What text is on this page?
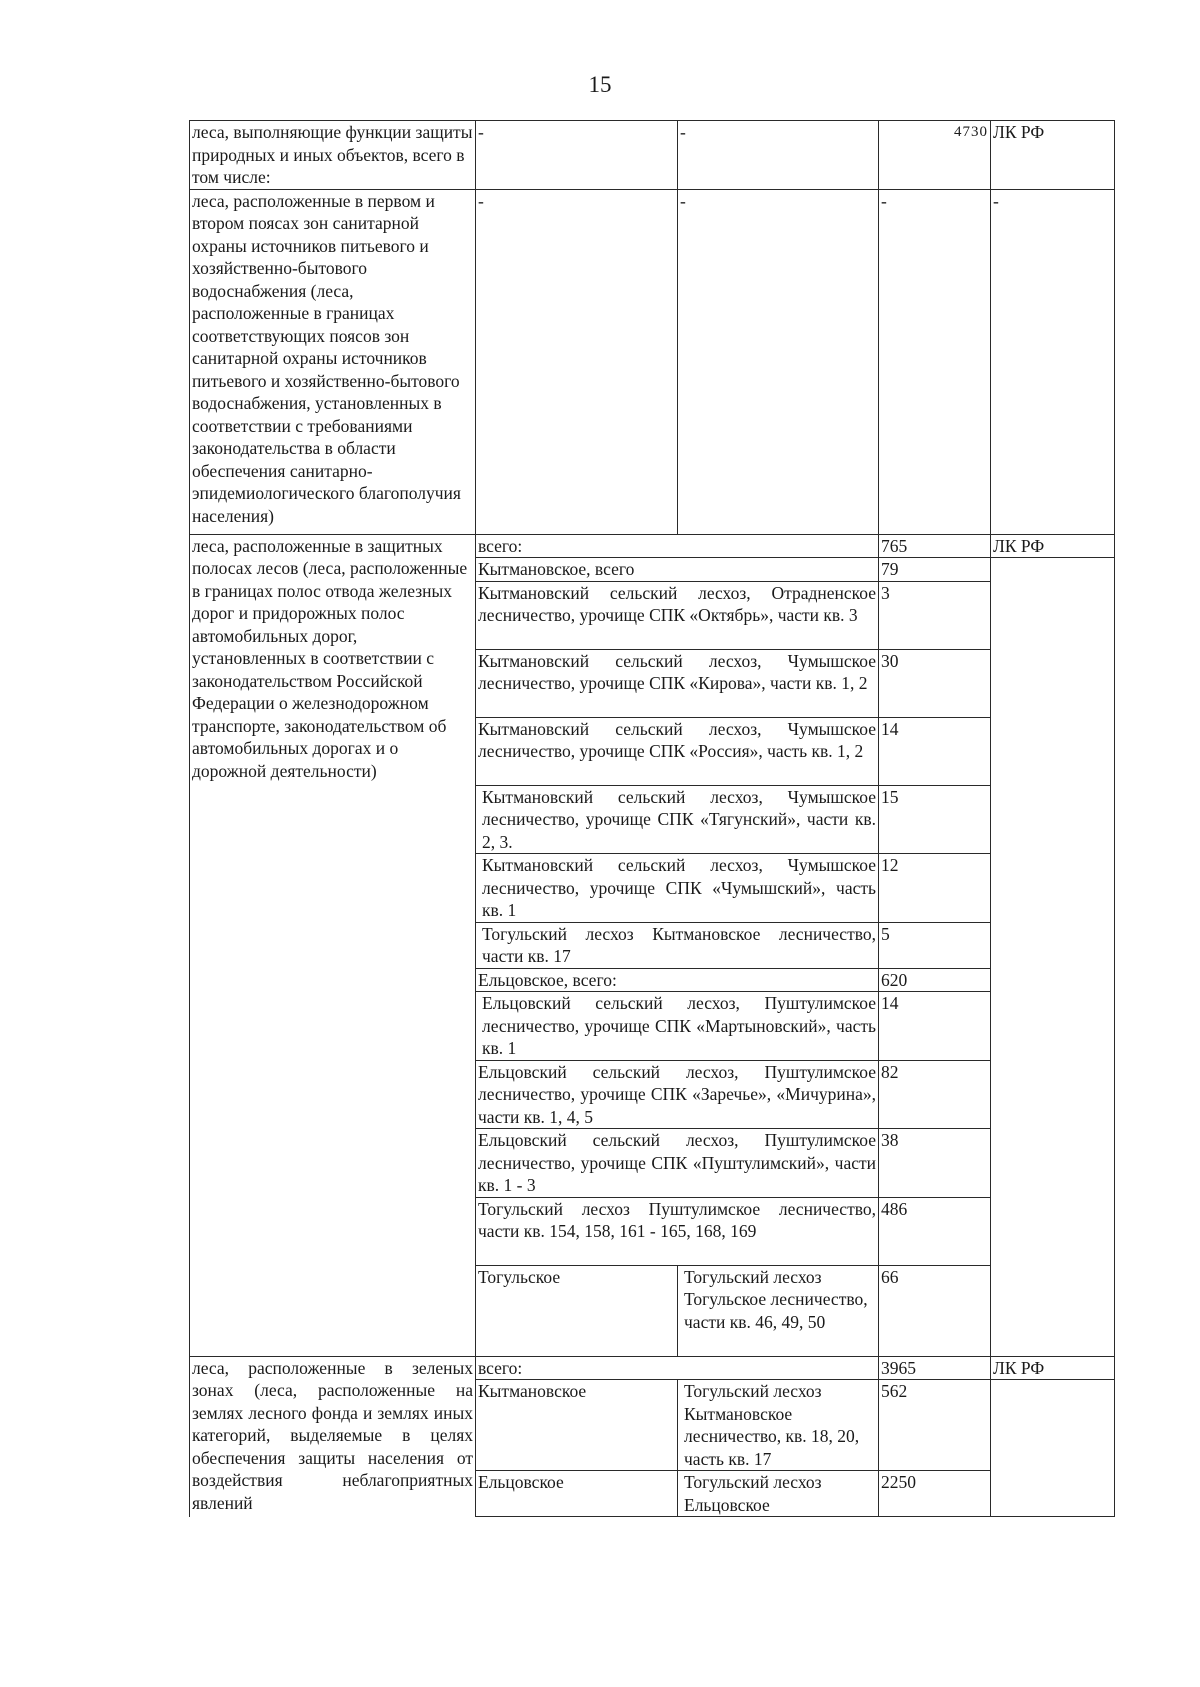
15
леса, выполняющие функции защиты природных и иных объектов, всего в том числе:	-	-	4730	ЛК РФ
леса, расположенные в первом и втором поясах зон санитарной охраны источников питьевого и хозяйственно-бытового водоснабжения (леса, расположенные в границах соответствующих поясов зон санитарной охраны источников питьевого и хозяйственно-бытового водоснабжения, установленных в соответствии с требованиями законодательства в области обеспечения санитарно-эпидемиологического благополучия населения)	-	-	-	-
леса, расположенные в защитных полосах лесов (леса, расположенные в границах полос отвода железных дорог и придорожных полос автомобильных дорог, установленных в соответствии с законодательством Российской Федерации о железнодорожном транспорте, законодательством об автомобильных дорогах и о дорожной деятельности)	всего:		765	ЛК РФ
	Кытмановское, всего		79	
	Кытмановский сельский лесхоз, Отрадненское лесничество, урочище СПК «Октябрь», части кв. 3		3	
	Кытмановский сельский лесхоз, Чумышское лесничество, урочище СПК «Кирова», части кв. 1, 2		30	
	Кытмановский сельский лесхоз, Чумышское лесничество, урочище СПК «Россия», часть кв. 1, 2		14	
	Кытмановский сельский лесхоз, Чумышское лесничество, урочище СПК «Тягунский», части кв. 2, 3.		15	
	Кытмановский сельский лесхоз, Чумышское лесничество, урочище СПК «Чумышский», часть кв. 1		12	
	Тогульский лесхоз Кытмановское лесничество, части кв. 17		5	
	Ельцовское, всего:		620	
	Ельцовский сельский лесхоз, Пуштулимское лесничество, урочище СПК «Мартыновский», часть кв. 1		14	
	Ельцовский сельский лесхоз, Пуштулимское лесничество, урочище СПК «Заречье», «Мичурина», части кв. 1, 4, 5		82	
	Ельцовский сельский лесхоз, Пуштулимское лесничество, урочище СПК «Пуштулимский», части кв. 1 - 3		38	
	Тогульский лесхоз Пуштулимское лесничество, части кв. 154, 158, 161 - 165, 168, 169		486	
	Тогульское	Тогульский лесхоз Тогульское лесничество, части кв. 46, 49, 50	66	
леса, расположенные в зеленых зонах (леса, расположенные на землях лесного фонда и землях иных категорий, выделяемые в целях обеспечения защиты населения от воздействия неблагоприятных явлений	всего:		3965	ЛК РФ
	Кытмановское	Тогульский лесхоз Кытмановское лесничество, кв. 18, 20, часть кв. 17	562	
	Ельцовское	Тогульский лесхоз Ельцовское	2250	
